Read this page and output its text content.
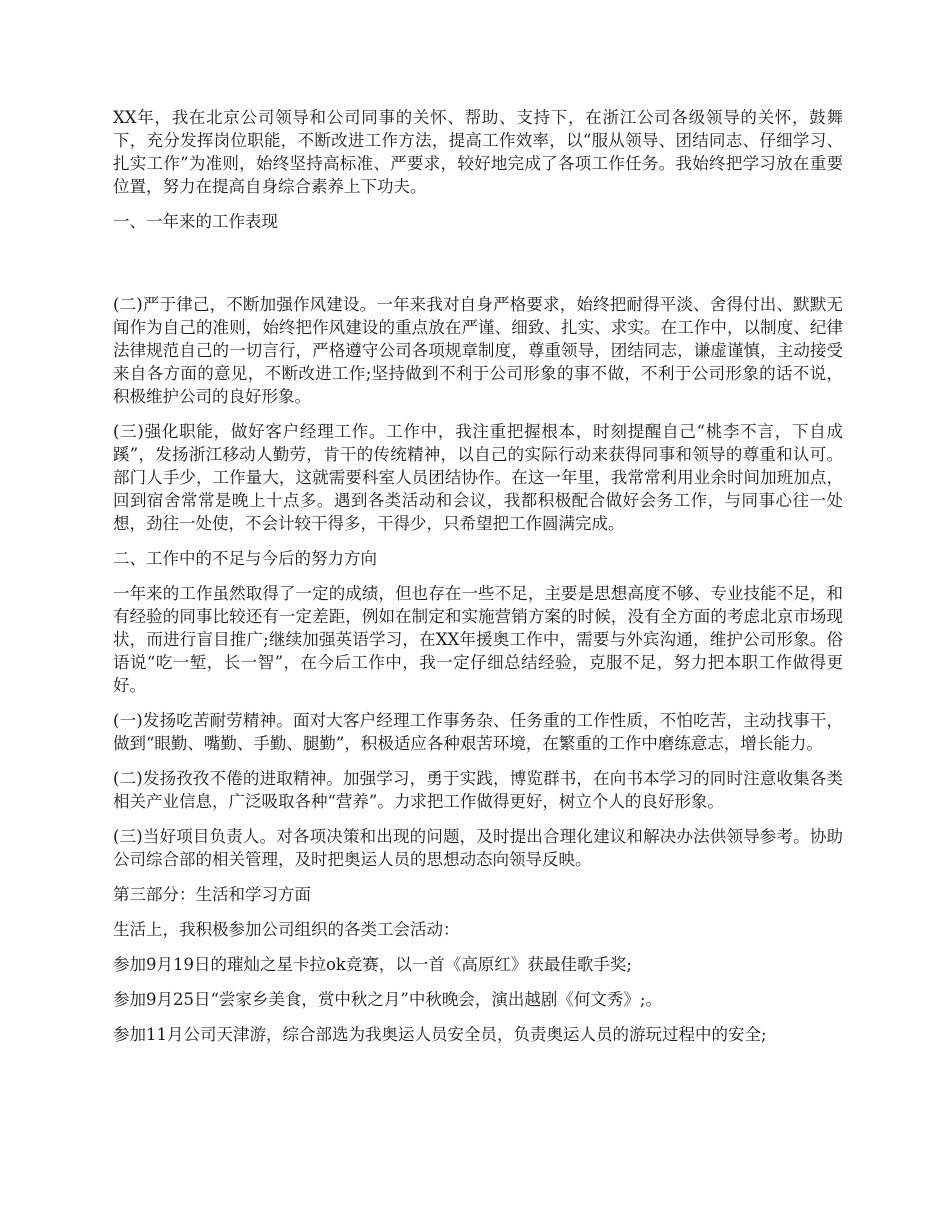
XX年，我在北京公司领导和公司同事的关怀、帮助、支持下，在浙江公司各级领导的关怀，鼓舞下，充分发挥岗位职能，不断改进工作方法，提高工作效率，以“服从领导、团结同志、仔细学习、扎实工作”为准则，始终坚持高标准、严要求，较好地完成了各项工作任务。我始终把学习放在重要位置，努力在提高自身综合素养上下功夫。

一、一年来的工作表现

(二)严于律己，不断加强作风建设。一年来我对自身严格要求，始终把耐得平淡、舍得付出、默默无闻作为自己的准则，始终把作风建设的重点放在严谨、细致、扎实、求实。在工作中，以制度、纪律法律规范自己的一切言行，严格遵守公司各项规章制度，尊重领导，团结同志，谦虚谨慎，主动接受来自各方面的意见，不断改进工作;坚持做到不利于公司形象的事不做，不利于公司形象的话不说，积极维护公司的良好形象。

(三)强化职能，做好客户经理工作。工作中，我注重把握根本，时刻提醒自己“桃李不言，下自成蹊”，发扬浙江移动人勤劳，肯干的传统精神，以自己的实际行动来获得同事和领导的尊重和认可。部门人手少，工作量大，这就需要科室人员团结协作。在这一年里，我常常利用业余时间加班加点，回到宿舍常常是晚上十点多。遇到各类活动和会议，我都积极配合做好会务工作，与同事心往一处想，劲往一处使，不会计较干得多，干得少，只希望把工作圆满完成。

二、工作中的不足与今后的努力方向

一年来的工作虽然取得了一定的成绩，但也存在一些不足，主要是思想高度不够、专业技能不足，和有经验的同事比较还有一定差距，例如在制定和实施营销方案的时候，没有全方面的考虑北京市场现状，而进行盲目推广;继续加强英语学习，在XX年援奥工作中，需要与外宾沟通，维护公司形象。俗语说“吃一堑，长一智”，在今后工作中，我一定仔细总结经验，克服不足，努力把本职工作做得更好。

(一)发扬吃苦耐劳精神。面对大客户经理工作事务杂、任务重的工作性质，不怕吃苦，主动找事干，做到“眼勤、嘴勤、手勤、腿勤”，积极适应各种艰苦环境，在繁重的工作中磨练意志，增长能力。

(二)发扬孜孜不倦的进取精神。加强学习，勇于实践，博览群书，在向书本学习的同时注意收集各类相关产业信息，广泛吸取各种“营养”。力求把工作做得更好，树立个人的良好形象。

(三)当好项目负责人。对各项决策和出现的问题，及时提出合理化建议和解决办法供领导参考。协助公司综合部的相关管理，及时把奥运人员的思想动态向领导反映。

第三部分：生活和学习方面

生活上，我积极参加公司组织的各类工会活动：

参加9月19日的璀灿之星卡拉ok竞赛，以一首《高原红》获最佳歌手奖;

参加9月25日“尝家乡美食，赏中秋之月”中秋晚会，演出越剧《何文秀》;。

参加11月公司天津游，综合部选为我奥运人员安全员，负责奥运人员的游玩过程中的安全;
